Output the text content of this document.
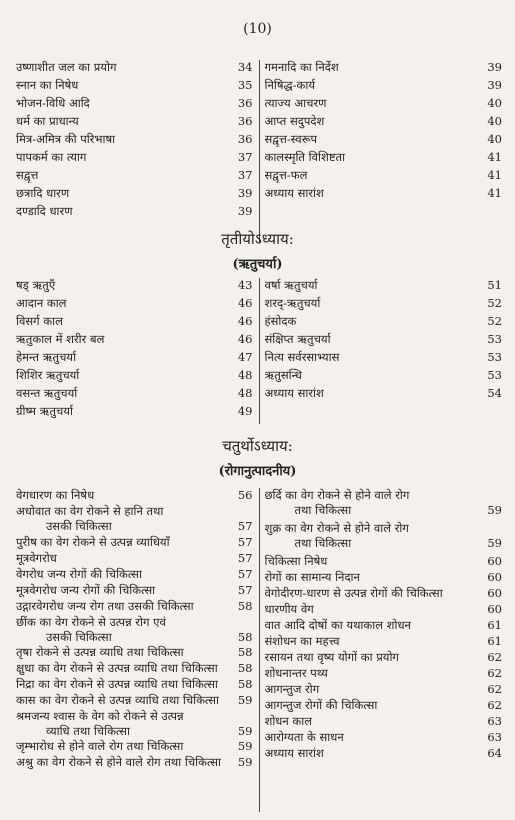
(10)
उष्णाशीत जल का प्रयोग	34
स्नान का निषेध	35
भोजन-विधि आदि	36
धर्म का प्राधान्य	36
मित्र-अमित्र की परिभाषा	36
पापकर्म का त्याग	37
सद्वृत्त	37
छत्रादि धारण	39
दण्डादि धारण	39
गमनादि का निर्देश	39
निषिद्ध-कार्य	39
त्याज्य आचरण	40
आप्त सदुपदेश	40
सद्वृत्त-स्वरूप	40
कालस्मृति विशिष्टता	41
सद्वृत्त-फल	41
अध्याय सारांश	41
तृतीयोऽध्याय:
(ऋतुचर्या)
षड् ऋतुएँ	43
आदान काल	46
विसर्ग काल	46
ऋतुकाल में शरीर बल	46
हेमन्त ऋतुचर्या	47
शिशिर ऋतुचर्या	48
वसन्त ऋतुचर्या	48
ग्रीष्म ऋतुचर्या	49
वर्षा ऋतुचर्या	51
शरद्-ऋतुचर्या	52
हंसोदक	52
संक्षिप्त ऋतुचर्या	53
नित्य सर्वरसाभ्यास	53
ऋतुसन्धि	53
अध्याय सारांश	54
चतुर्थोऽध्याय:
(रोगानुत्पादनीय)
वेगधारण का निषेध	56
अधोवात का वेग रोकने से हानि तथा
उसकी चिकित्सा	57
पुरीष का वेग रोकने से उत्पन्न व्याधियाँ	57
मूत्रवेगरोध	57
वेगरोध जन्य रोगों की चिकित्सा	57
मूत्रवेगरोध जन्य रोगों की चिकित्सा	57
उद्गारवेगरोध जन्य रोग तथा उसकी चिकित्सा	58
छींक का वेग रोकने से उत्पन्न रोग एवं
उसकी चिकित्सा	58
तृषा रोकने से उत्पन्न व्याधि तथा चिकित्सा	58
क्षुधा का वेग रोकने से उत्पन्न व्याधि तथा चिकित्सा	58
निद्रा का वेग रोकने से उत्पन्न व्याधि तथा चिकित्सा	58
कास का वेग रोकने से उत्पन्न व्याधि तथा चिकित्सा	59
श्रमजन्य श्वास के वेग को रोकने से उत्पन्न
व्याधि तथा चिकित्सा	59
जृम्भारोध से होने वाले रोग तथा चिकित्सा	59
अश्रु का वेग रोकने से होने वाले रोग तथा चिकित्सा	59
छर्दि का वेग रोकने से होने वाले रोग
तथा चिकित्सा	59
शुक्र का वेग रोकने से होने वाले रोग
तथा चिकित्सा	59
चिकित्सा निषेध	60
रोगों का सामान्य निदान	60
वेगोदीरण-धारण से उत्पन्न रोगों की चिकित्सा	60
धारणीय वेग	60
वात आदि दोषों का यथाकाल शोधन	61
संशोधन का महत्त्व	61
रसायन तथा वृष्य योगों का प्रयोग	62
शोधनान्तर पथ्य	62
आगन्तुज रोग	62
आगन्तुज रोगों की चिकित्सा	62
शोधन काल	63
आरोग्यता के साधन	63
अध्याय सारांश	64
